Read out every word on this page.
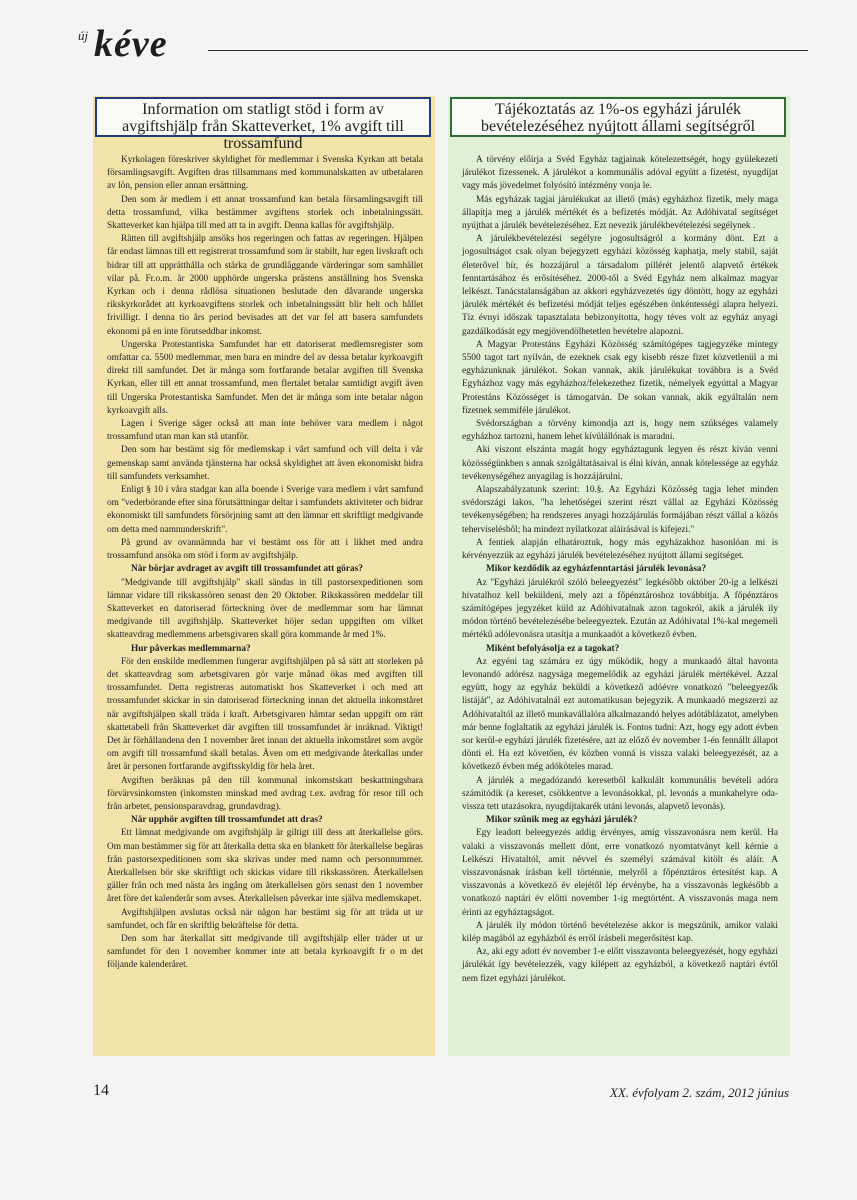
új kéve
Information om statligt stöd i form av
avgiftshjälp från Skatteverket, 1% avgift till trossamfund

Kyrkolagen föreskriver skyldighet för medlemmar i Svenska Kyrkan att betala församlingsavgift. Avgiften dras tillsammans med kommunalskatten av utbetalaren av lön, pension eller annan ersättning.

Den som är medlem i ett annat trossamfund kan betala församlingsavgift till detta trossamfund, vilka bestämmer avgiftens storlek och inbetalningssätt. Skatteverket kan hjälpa till med att ta in avgift. Denna kallas för avgiftshjälp.

Rätten till avgiftshjälp ansöks hos regeringen och fattas av regeringen. Hjälpen får endast lämnas till ett registrerat trossamfund som är stabilt, har egen livskraft och bidrar till att upprätthålla och stärka de grundläggande värderingar som samhället vilar på. Fr.o.m. år 2000 upphörde ungerska prästens anställning hos Svenska Kyrkan och i denna rådlösa situationen beslutade den dåvarande ungerska rikskyrkorådet att kyrkoavgiftens storlek och inbetalningssätt blir helt och hållet frivilligt. I denna tio års period bevisades att det var fel att basera samfundets ekonomi på en inte förutseddbar inkomst.

Ungerska Protestantiska Samfundet har ett datoriserat medlemsregister som omfattar ca. 5500 medlemmar, men bara en mindre del av dessa betalar kyrkoavgift direkt till samfundet. Det är många som fortfarande betalar avgiften till Svenska Kyrkan, eller till ett annat trossamfund, men flertalet betalar samtidigt avgift även till Ungerska Protestantiska Samfundet. Men det är många som inte betalar någon kyrkoavgift alls.

Lagen i Sverige säger också att man inte behöver vara medlem i något trossamfund utan man kan stå utanför.

Den som har bestämt sig för medlemskap i vårt samfund och vill delta i vår gemenskap samt använda tjänsterna har också skyldighet att även ekonomiskt bidra till samfundets verksamhet.

Enligt § 10 i våra stadgar kan alla boende i Sverige vara medlem i vårt samfund om "vederbörande efter sina förutsättningar deltar i samfundets aktiviteter och bidrar ekonomiskt till samfundets försörjning samt att den lämnar ett skriftligt medgivande om detta med namnunderskrift".

På grund av ovannämnda har vi bestämt oss för att i likhet med andra trossamfund ansöka om stöd i form av avgiftshjälp.

När börjar avdraget av avgift till trossamfundet att göras?

"Medgivande till avgiftshjälp" skall sändas in till pastorsexpeditionen som lämnar vidare till rikskassören senast den 20 Oktober. Rikskassören meddelar till Skatteverket en datoriserad förteckning över de medlemmar som har lämnat medgivande till avgiftshjälp. Skatteverket höjer sedan uppgiften om vilket skatteavdrag medlemmens arbetsgivaren skall göra kommande år med 1%.

Hur påverkas medlemmarna?

För den enskilde medlemmen fungerar avgiftshjälpen på så sätt att storleken på det skatteavdrag som arbetsgivaren gör varje månad ökas med avgiften till trossamfundet. Detta registreras automatiskt hos Skatteverket i och med att trossamfundet skickar in sin datoriserad förteckning innan det aktuella inkomståret när avgiftshjälpen skall träda i kraft. Arbetsgivaren hämtar sedan uppgift om rätt skattetabell från Skatteverket där avgiften till trossamfundet är inräknad. Viktigt! Det är förhållandena den 1 november året innan det aktuella inkomståret som avgör om avgift till trossamfund skall betalas. Även om ett medgivande återkallas under året är personen fortfarande avgiftsskyldig för hela året.

Avgiften beräknas på den till kommunal inkomstskatt beskattningsbara förvärvsinkomsten (inkomsten minskad med avdrag t.ex. avdrag för resor till och från arbetet, pensionsparavdrag, grundavdrag).

När upphör avgiften till trossamfundet att dras?

Ett lämnat medgivande om avgiftshjälp är giltigt till dess att återkallelse görs. Om man bestämmer sig för att återkalla detta ska en blankett för återkallelse begäras från pastorsexpeditionen som ska skrivas under med namn och personnummer. Återkallelsen bör ske skriftligt och skickas vidare till rikskassören. Återkallelsen gäller från och med nästa års ingång om återkallelsen görs senast den 1 november året före det kalenderår som avses. Återkallelsen påverkar inte själva medlemskapet.

Avgiftshjälpen avslutas också när någon har bestämt sig för att träda ut ur samfundet, och får en skriftlig bekräftelse för detta.

Den som har återkallat sitt medgivande till avgiftshjälp eller träder ut ur samfundet för den 1 november kommer inte att betala kyrkoavgift fr o m det följande kalenderåret.

Tájékoztatás az 1%-os egyházi járulék
bevételezéséhez nyújtott állami segítségről

A törvény előírja a Svéd Egyház tagjainak kötelezettségét, hogy gyülekezeti járulékot fizessenek. A járulékot a kommunális adóval együtt a fizetést, nyugdíjat vagy más jövedelmet folyósító intézmény vonja le.

Más egyházak tagjai járulékukat az illető (más) egyházhoz fizetik, mely maga állapítja meg a járulék mértékét és a befizetés módját. Az Adóhivatal segítséget nyújthat a járulék bevételezéséhez. Ezt nevezik járulékbevételezési segélynek .

A járulékbevételezési segélyre jogosultságról a kormány dönt. Ezt a jogosultságot csak olyan bejegyzett egyházi közösség kaphatja, mely stabil, saját életerővel bír, és hozzájárul a társadalom pillérét jelentő alapvető értékek fenntartásához és erősítéséhez. 2000-től a Svéd Egyház nem alkalmaz magyar lelkészt. Tanácstalanságában az akkori egyházvezetés úgy döntött, hogy az egyházi járulék mértékét és befizetési módját teljes egészében önkéntességi alapra helyezi. Tíz évnyi időszak tapasztalata bebizonyította, hogy téves volt az egyház anyagi gazdálkodását egy megjövendölhetetlen bevételre alapozni.

A Magyar Protestáns Egyházi Közösség számítógépes tagjegyzéke mintegy 5500 tagot tart nyilván, de ezeknek csak egy kisebb része fizet közvetlenül a mi egyházunknak járulékot. Sokan vannak, akik járulékukat továbbra is a Svéd Egyházhoz vagy más egyházhoz/felekezethez fizetik, némelyek egyúttal a Magyar Protestáns Közösséget is támogatván. De sokan vannak, akik egyáltalán nem fizetnek semmiféle járulékot.

Svédországban a törvény kimondja azt is, hogy nem szükséges valamely egyházhoz tartozni, hanem lehet kívülállónak is maradni.

Aki viszont elszánta magát hogy egyháztagunk legyen és részt kíván venni közösségünkben s annak szolgáltatásaival is élni kíván, annak kötelessége az egyház tevékenységéhez anyagilag is hozzájárulni.

Alapszabályzatunk szerint: 10.§. Az Egyházi Közösség tagja lehet minden svédországi lakos, "ha lehetőségei szerint részt vállal az Egyházi Közösség tevékenységében; ha rendszeres anyagi hozzájárulás formájában részt vállal a közös teherviselésből; ha mindezt nyilatkozat aláírásával is kifejezi."

A fentiek alapján elhatároztuk, hogy más egyházakhoz hasonlóan mi is kérvényezzük az egyházi járulék bevételezéséhez nyújtott állami segítséget.

Mikor kezdődik az egyházfenntartási járulék levonása?

Az "Egyházi járulékról szóló beleegyezést" legkésőbb október 20-ig a lelkészi hivatalhoz kell beküldeni, mely azt a főpénztároshoz továbbítja. A főpénztáros számítógépes jegyzéket küld az Adóhivatalnak azon tagokról, akik a járulék ily módon történő bevételezésébe beleegyeztek. Ezután az Adóhivatal 1%-kal megemeli mértékű adólevonásra utasítja a munkaadót a következő évben.

Miként befolyásolja ez a tagokat?

Az egyéni tag számára ez úgy működik, hogy a munkaadó által havonta levonandó adórész nagysága megemelődik az egyházi járulék mértékével. Azzal együtt, hogy az egyház beküldi a következő adóévre vonatkozó "beleegyezők listáját", az Adóhivatalnál ezt automatikusan bejegyzik. A munkaadó megszerzi az Adóhivataltól az illető munkavállalóra alkalmazandó helyes adótáblázatot, amelyben már benne foglaltatik az egyházi járulék is. Fontos tudni: Azt, hogy egy adott évben sor kerül-e egyházi járulék fizetésére, azt az előző év november 1-én fennállt állapot dönti el. Ha ezt követően, év közben vonná is vissza valaki beleegyezését, az a következő évben még adóköteles marad.

A járulék a megadózandó keresetből kalkulált kommunális bevételi adóra számítódik (a kereset, csökkentve a levonásokkal, pl. levonás a munkahelyre oda-vissza tett utazásokra, nyugdíjtakarék utáni levonás, alapvető levonás).

Mikor szűnik meg az egyházi járulék?

Egy leadott beleegyezés addig érvényes, amíg visszavonásra nem kerül. Ha valaki a visszavonás mellett dönt, erre vonatkozó nyomtatványt kell kérnie a Lelkészi Hivataltól, amit névvel és személyi számával kitölt és aláír. A visszavonásnak írásban kell történnie, melyről a főpénztáros értesítést kap. A visszavonás a következő év elejétől lép érvénybe, ha a visszavonás legkésőbb a vonatkozó naptári év előtti november 1-ig megtörtént. A visszavonás maga nem érinti az egyháztagságot.

A járulék ily módon történő bevételezése akkor is megszűnik, amikor valaki kilép magából az egyházból és erről írásbeli megerősítést kap.

Az, aki egy adott év november 1-e előtt visszavonta beleegyezését, hogy egyházi járulékát így bevételezzék, vagy kilépett az egyházból, a következő naptári évtől nem fizet egyházi járulékot.

14	XX. évfolyam 2. szám, 2012 június
